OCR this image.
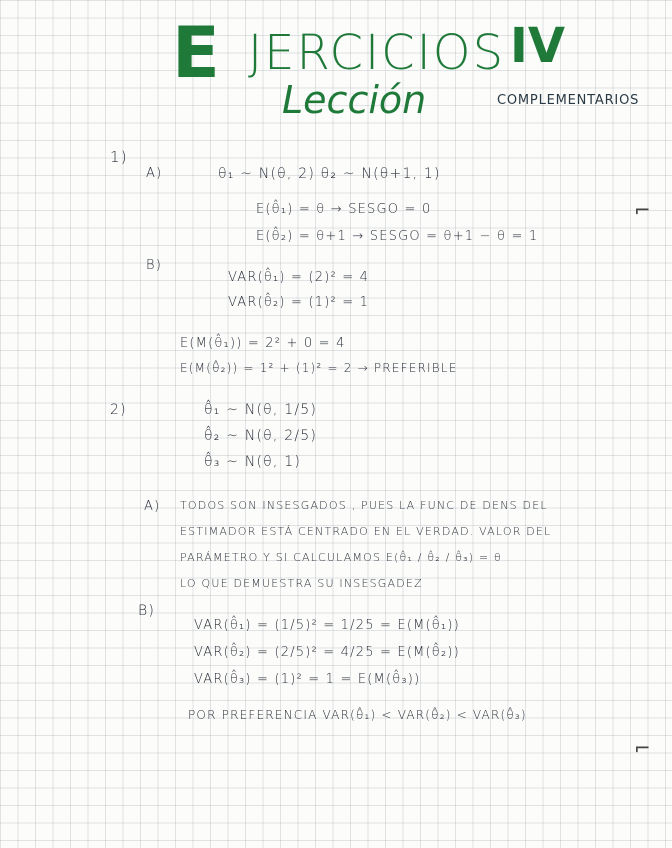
E JERCICIOS IV
Lección	COMPLEMENTARIOS
1)
A)	θ₁ ~ N(θ, 2) θ₂ ~ N(θ+1, 1)
E(θ̂₁) = θ → SESGO = 0
E(θ̂₂) = θ+1 → SESGO = θ+1 − θ = 1
B)
VAR(θ̂₁) = (2)² = 4
VAR(θ̂₂) = (1)² = 1
E(M(θ̂₁)) = 2² + 0 = 4
E(M(θ̂₂)) = 1² + (1)² = 2 → PREFERIBLE
2)	θ̂₁ ~ N(θ, 1/5)
θ̂₂ ~ N(θ, 2/5)
θ̂₃ ~ N(θ, 1)
A) TODOS SON INSESGADOS , PUES LA FUNC DE DENS DEL
ESTIMADOR ESTÁ CENTRADO EN EL VERDAD. VALOR DEL
PARÁMETRO Y SI CALCULAMOS E(θ̂₁ / θ̂₂ / θ̂₃) = θ
LO QUE DEMUESTRA SU INSESGADEZ
B)
VAR(θ̂₁) = (1/5)² = 1/25 = E(M(θ̂₁))
VAR(θ̂₂) = (2/5)² = 4/25 = E(M(θ̂₂))
VAR(θ̂₃) = (1)² = 1 = E(M(θ̂₃))
POR PREFERENCIA VAR(θ̂₁) < VAR(θ̂₂) < VAR(θ̂₃)
⌐
⌐
